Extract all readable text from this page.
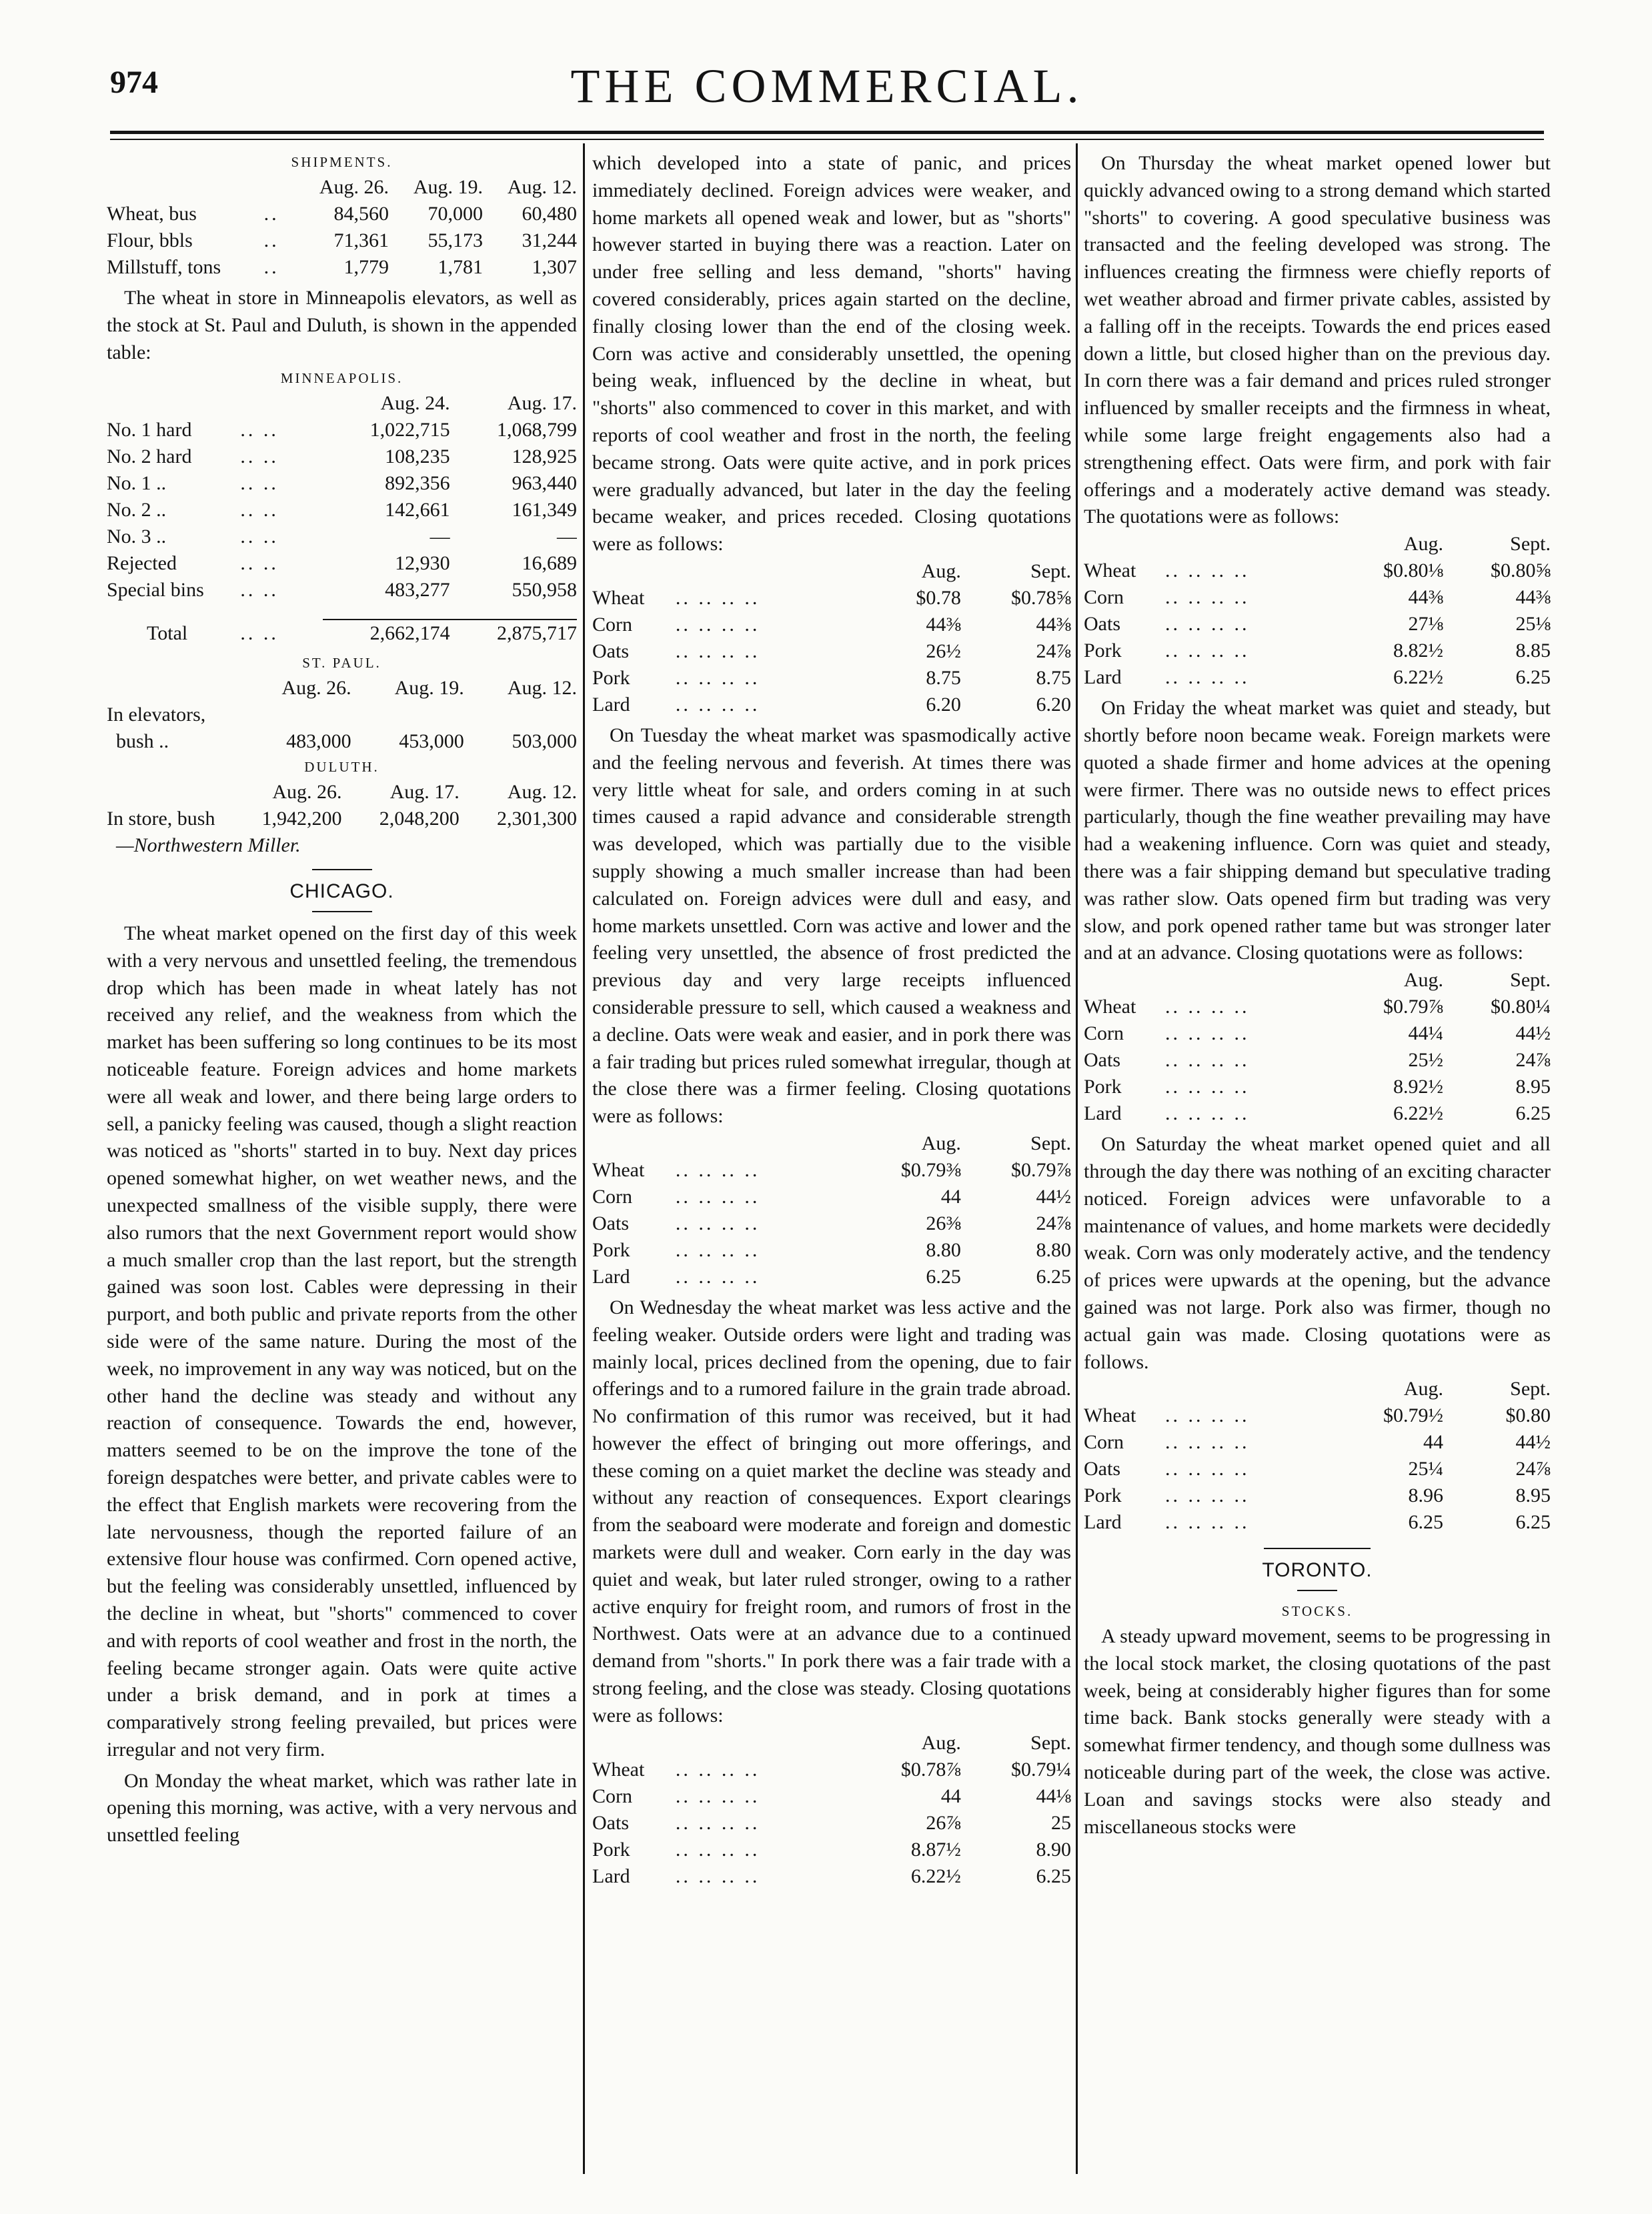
974	THE COMMERCIAL.
SHIPMENTS.
		Aug. 26.	Aug. 19.	Aug. 12.
Wheat, bus	..	84,560	70,000	60,480
Flour, bbls	..	71,361	55,173	31,244
Millstuff, tons	..	1,779	1,781	1,307

The wheat in store in Minneapolis elevators, as well as the stock at St. Paul and Duluth, is shown in the appended table:

MINNEAPOLIS.
		Aug. 24.	Aug. 17.
No. 1 hard	.. ..	1,022,715	1,068,799
No. 2 hard	.. ..	108,235	128,925
No. 1 ..	.. ..	892,356	963,440
No. 2 ..	.. ..	142,661	161,349
No. 3 ..	.. ..	—	—
Rejected	.. ..	12,930	16,689
Special bins	.. ..	483,277	550,958

Total	.. ..	2,662,174	2,875,717
ST. PAUL.
	Aug. 26.	Aug. 19.	Aug. 12.
In elevators,			
bush ..	483,000	453,000	503,000
DULUTH.
	Aug. 26.	Aug. 17.	Aug. 12.
In store, bush	1,942,200	2,048,200	2,301,300
—Northwestern Miller.
CHICAGO.

The wheat market opened on the first day of this week with a very nervous and unsettled feeling, the tremendous drop which has been made in wheat lately has not received any relief, and the weakness from which the market has been suffering so long continues to be its most noticeable feature. Foreign advices and home markets were all weak and lower, and there being large orders to sell, a panicky feeling was caused, though a slight reaction was noticed as "shorts" started in to buy. Next day prices opened somewhat higher, on wet weather news, and the unexpected smallness of the visible supply, there were also rumors that the next Government report would show a much smaller crop than the last report, but the strength gained was soon lost. Cables were depressing in their purport, and both public and private reports from the other side were of the same nature. During the most of the week, no improvement in any way was noticed, but on the other hand the decline was steady and without any reaction of consequence. Towards the end, however, matters seemed to be on the improve the tone of the foreign despatches were better, and private cables were to the effect that English markets were recovering from the late nervousness, though the reported failure of an extensive flour house was confirmed. Corn opened active, but the feeling was considerably unsettled, influenced by the decline in wheat, but "shorts" commenced to cover and with reports of cool weather and frost in the north, the feeling became stronger again. Oats were quite active under a brisk demand, and in pork at times a comparatively strong feeling prevailed, but prices were irregular and not very firm.

On Monday the wheat market, which was rather late in opening this morning, was active, with a very nervous and unsettled feeling

which developed into a state of panic, and prices immediately declined. Foreign advices were weaker, and home markets all opened weak and lower, but as "shorts" however started in buying there was a reaction. Later on under free selling and less demand, "shorts" having covered considerably, prices again started on the decline, finally closing lower than the end of the closing week. Corn was active and considerably unsettled, the opening being weak, influenced by the decline in wheat, but "shorts" also commenced to cover in this market, and with reports of cool weather and frost in the north, the feeling became strong. Oats were quite active, and in pork prices were gradually advanced, but later in the day the feeling became weaker, and prices receded. Closing quotations were as follows:

		Aug.	Sept.
Wheat	.. .. .. ..	$0.78	$0.78⅝
Corn	.. .. .. ..	44⅜	44⅜
Oats	.. .. .. ..	26½	24⅞
Pork	.. .. .. ..	8.75	8.75
Lard	.. .. .. ..	6.20	6.20

On Tuesday the wheat market was spasmodically active and the feeling nervous and feverish. At times there was very little wheat for sale, and orders coming in at such times caused a rapid advance and considerable strength was developed, which was partially due to the visible supply showing a much smaller increase than had been calculated on. Foreign advices were dull and easy, and home markets unsettled. Corn was active and lower and the feeling very unsettled, the absence of frost predicted the previous day and very large receipts influenced considerable pressure to sell, which caused a weakness and a decline. Oats were weak and easier, and in pork there was a fair trading but prices ruled somewhat irregular, though at the close there was a firmer feeling. Closing quotations were as follows:

		Aug.	Sept.
Wheat	.. .. .. ..	$0.79⅜	$0.79⅞
Corn	.. .. .. ..	44	44½
Oats	.. .. .. ..	26⅜	24⅞
Pork	.. .. .. ..	8.80	8.80
Lard	.. .. .. ..	6.25	6.25

On Wednesday the wheat market was less active and the feeling weaker. Outside orders were light and trading was mainly local, prices declined from the opening, due to fair offerings and to a rumored failure in the grain trade abroad. No confirmation of this rumor was received, but it had however the effect of bringing out more offerings, and these coming on a quiet market the decline was steady and without any reaction of consequences. Export clearings from the seaboard were moderate and foreign and domestic markets were dull and weaker. Corn early in the day was quiet and weak, but later ruled stronger, owing to a rather active enquiry for freight room, and rumors of frost in the Northwest. Oats were at an advance due to a continued demand from "shorts." In pork there was a fair trade with a strong feeling, and the close was steady. Closing quotations were as follows:

		Aug.	Sept.
Wheat	.. .. .. ..	$0.78⅞	$0.79¼
Corn	.. .. .. ..	44	44⅛
Oats	.. .. .. ..	26⅞	25
Pork	.. .. .. ..	8.87½	8.90
Lard	.. .. .. ..	6.22½	6.25

On Thursday the wheat market opened lower but quickly advanced owing to a strong demand which started "shorts" to covering. A good speculative business was transacted and the feeling developed was strong. The influences creating the firmness were chiefly reports of wet weather abroad and firmer private cables, assisted by a falling off in the receipts. Towards the end prices eased down a little, but closed higher than on the previous day. In corn there was a fair demand and prices ruled stronger influenced by smaller receipts and the firmness in wheat, while some large freight engagements also had a strengthening effect. Oats were firm, and pork with fair offerings and a moderately active demand was steady. The quotations were as follows:

		Aug.	Sept.
Wheat	.. .. .. ..	$0.80⅛	$0.80⅝
Corn	.. .. .. ..	44⅜	44⅜
Oats	.. .. .. ..	27⅛	25⅛
Pork	.. .. .. ..	8.82½	8.85
Lard	.. .. .. ..	6.22½	6.25

On Friday the wheat market was quiet and steady, but shortly before noon became weak. Foreign markets were quoted a shade firmer and home advices at the opening were firmer. There was no outside news to effect prices particularly, though the fine weather prevailing may have had a weakening influence. Corn was quiet and steady, there was a fair shipping demand but speculative trading was rather slow. Oats opened firm but trading was very slow, and pork opened rather tame but was stronger later and at an advance. Closing quotations were as follows:

		Aug.	Sept.
Wheat	.. .. .. ..	$0.79⅞	$0.80¼
Corn	.. .. .. ..	44¼	44½
Oats	.. .. .. ..	25½	24⅞
Pork	.. .. .. ..	8.92½	8.95
Lard	.. .. .. ..	6.22½	6.25

On Saturday the wheat market opened quiet and all through the day there was nothing of an exciting character noticed. Foreign advices were unfavorable to a maintenance of values, and home markets were decidedly weak. Corn was only moderately active, and the tendency of prices were upwards at the opening, but the advance gained was not large. Pork also was firmer, though no actual gain was made. Closing quotations were as follows.

		Aug.	Sept.
Wheat	.. .. .. ..	$0.79½	$0.80
Corn	.. .. .. ..	44	44½
Oats	.. .. .. ..	25¼	24⅞
Pork	.. .. .. ..	8.96	8.95
Lard	.. .. .. ..	6.25	6.25
TORONTO.
STOCKS.

A steady upward movement, seems to be progressing in the local stock market, the closing quotations of the past week, being at considerably higher figures than for some time back. Bank stocks generally were steady with a somewhat firmer tendency, and though some dullness was noticeable during part of the week, the close was active. Loan and savings stocks were also steady and miscellaneous stocks were
